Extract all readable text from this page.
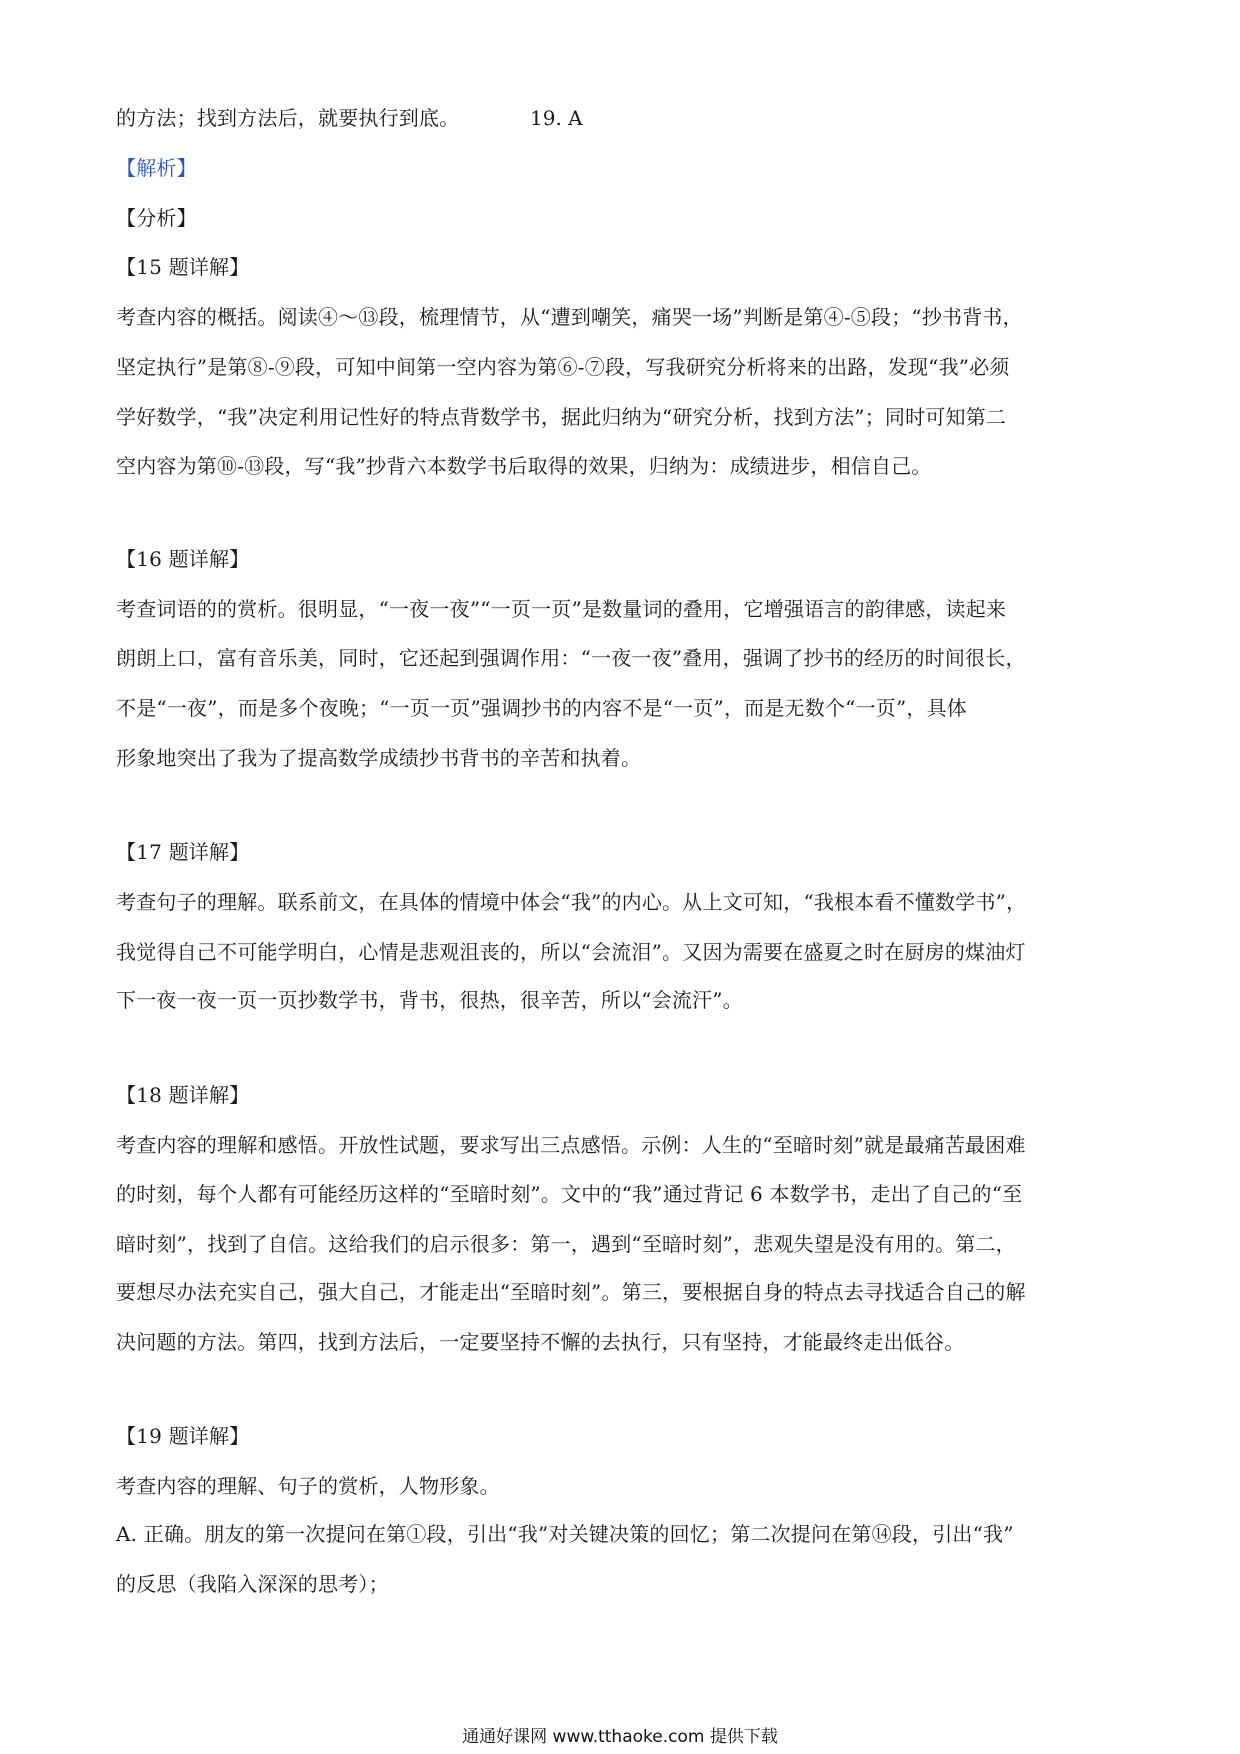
的方法；找到方法后，就要执行到底。	19. A
【解析】
【分析】
【15 题详解】
考查内容的概括。阅读④～⑬段，梳理情节，从“遭到嘲笑，痛哭一场”判断是第④-⑤段；“抄书背书，
坚定执行”是第⑧-⑨段，可知中间第一空内容为第⑥-⑦段，写我研究分析将来的出路，发现“我”必须
学好数学，“我”决定利用记性好的特点背数学书，据此归纳为“研究分析，找到方法”；同时可知第二
空内容为第⑩-⑬段，写“我”抄背六本数学书后取得的效果，归纳为：成绩进步，相信自己。
【16 题详解】
考查词语的的赏析。很明显，“一夜一夜”“一页一页”是数量词的叠用，它增强语言的韵律感，读起来
朗朗上口，富有音乐美，同时，它还起到强调作用：“一夜一夜”叠用，强调了抄书的经历的时间很长，
不是“一夜”，而是多个夜晚；“一页一页”强调抄书的内容不是“一页”，而是无数个“一页”，具体
形象地突出了我为了提高数学成绩抄书背书的辛苦和执着。
【17 题详解】
考查句子的理解。联系前文，在具体的情境中体会“我”的内心。从上文可知，“我根本看不懂数学书”，
我觉得自己不可能学明白，心情是悲观沮丧的，所以“会流泪”。又因为需要在盛夏之时在厨房的煤油灯
下一夜一夜一页一页抄数学书，背书，很热，很辛苦，所以“会流汗”。
【18 题详解】
考查内容的理解和感悟。开放性试题，要求写出三点感悟。示例：人生的“至暗时刻”就是最痛苦最困难
的时刻，每个人都有可能经历这样的“至暗时刻”。文中的“我”通过背记 6 本数学书，走出了自己的“至
暗时刻”，找到了自信。这给我们的启示很多：第一，遇到“至暗时刻”，悲观失望是没有用的。第二，
要想尽办法充实自己，强大自己，才能走出“至暗时刻”。第三，要根据自身的特点去寻找适合自己的解
决问题的方法。第四，找到方法后，一定要坚持不懈的去执行，只有坚持，才能最终走出低谷。
【19 题详解】
考查内容的理解、句子的赏析，人物形象。
A. 正确。朋友的第一次提问在第①段，引出“我”对关键决策的回忆；第二次提问在第⑭段，引出“我”
的反思（我陷入深深的思考）；
通通好课网 www.tthaoke.com 提供下载
